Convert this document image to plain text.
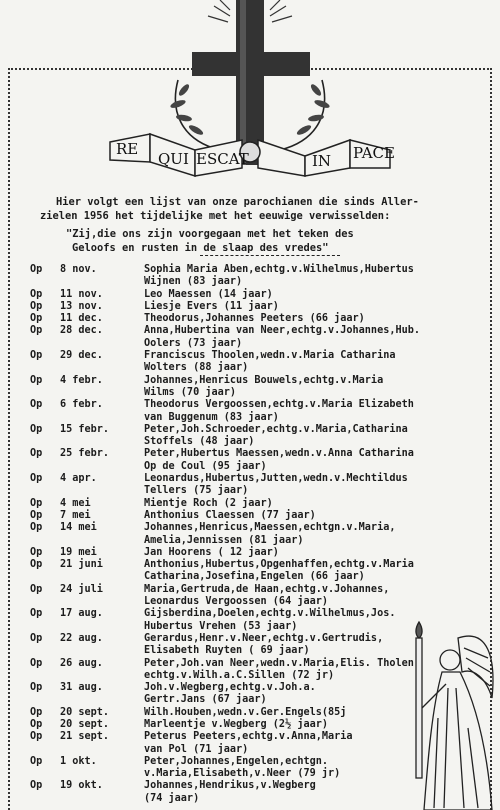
RE
QUI ESCAT	IN PACE
Hier volgt een lijst van onze parochianen die sinds Aller-
zielen 1956 het tijdelijke met het eeuwige verwisselden:
"Zij,die ons zijn voorgegaan met het teken des
Geloofs en rusten in de slaap des vredes"
Op	8 nov.	Sophia Maria Aben,echtg.v.Wilhelmus,Hubertus
Wijnen (83 jaar)
Op	11 nov.	Leo Maessen (14 jaar)
Op	13 nov.	Liesje Evers (11 jaar)
Op	11 dec.	Theodorus,Johannes Peeters (66 jaar)
Op	28 dec.	Anna,Hubertina van Neer,echtg.v.Johannes,Hub.
Oolers (73 jaar)
Op	29 dec.	Franciscus Thoolen,wedn.v.Maria Catharina
Wolters (88 jaar)
Op	4 febr.	Johannes,Henricus Bouwels,echtg.v.Maria
Wilms (70 jaar)
Op	6 febr.	Theodorus Vergoossen,echtg.v.Maria Elizabeth
van Buggenum (83 jaar)
Op	15 febr.	Peter,Joh.Schroeder,echtg.v.Maria,Catharina
Stoffels (48 jaar)
Op	25 febr.	Peter,Hubertus Maessen,wedn.v.Anna Catharina
Op de Coul (95 jaar)
Op	4 apr.	Leonardus,Hubertus,Jutten,wedn.v.Mechtildus
Tellers (75 jaar)
Op	4 mei	Mientje Roch (2 jaar)
Op	7 mei	Anthonius Claessen (77 jaar)
Op	14 mei	Johannes,Henricus,Maessen,echtgn.v.Maria,
Amelia,Jennissen (81 jaar)
Op	19 mei	Jan Hoorens ( 12 jaar)
Op	21 juni	Anthonius,Hubertus,Opgenhaffen,echtg.v.Maria
Catharina,Josefina,Engelen (66 jaar)
Op	24 juli	Maria,Gertruda,de Haan,echtg.v.Johannes,
Leonardus Vergoossen (64 jaar)
Op	17 aug.	Gijsberdina,Doelen,echtg.v.Wilhelmus,Jos.
Hubertus Vrehen (53 jaar)
Op	22 aug.	Gerardus,Henr.v.Neer,echtg.v.Gertrudis,
Elisabeth Ruyten ( 69 jaar)
Op	26 aug.	Peter,Joh.van Neer,wedn.v.Maria,Elis. Tholen
echtg.v.Wilh.a.C.Sillen (72 jr)
Op	31 aug.	Joh.v.Wegberg,echtg.v.Joh.a.
Gertr.Jans (67 jaar)
Op	20 sept.	Wilh.Houben,wedn.v.Ger.Engels(85j
Op	20 sept.	Marleentje v.Wegberg (2½ jaar)
Op	21 sept.	Peterus Peeters,echtg.v.Anna,Maria
van Pol (71 jaar)
Op	1 okt.	Peter,Johannes,Engelen,echtgn.
v.Maria,Elisabeth,v.Neer (79 jr)
Op	19 okt.	Johannes,Hendrikus,v.Wegberg
(74 jaar)
